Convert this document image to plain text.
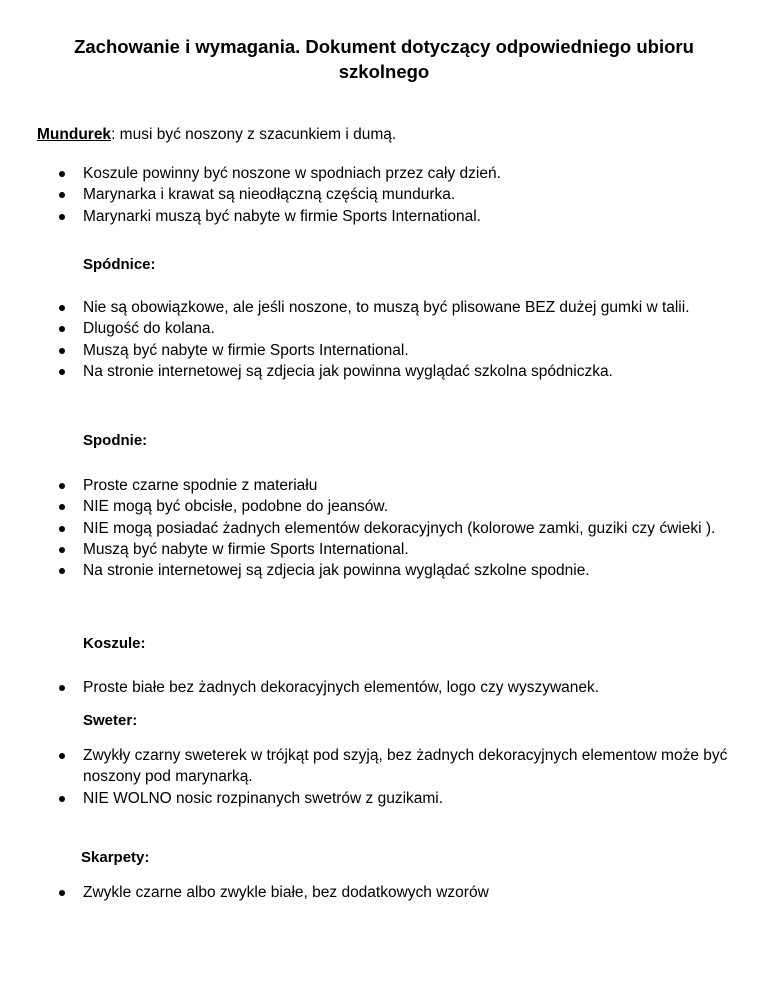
Zachowanie i wymagania. Dokument dotyczący odpowiedniego ubioru szkolnego
Mundurek: musi być noszony z szacunkiem i dumą.
Koszule powinny być noszone w spodniach przez cały dzień.
Marynarka i krawat są nieodłączną częścią mundurka.
Marynarki muszą być nabyte w firmie Sports International.
Spódnice:
Nie są obowiązkowe, ale jeśli noszone, to muszą być plisowane BEZ dużej gumki w talii.
Dlugość do kolana.
Muszą być nabyte w firmie Sports International.
Na stronie internetowej są zdjecia jak powinna wyglądać szkolna spódniczka.
Spodnie:
Proste czarne spodnie z materiału
NIE mogą być obcisłe, podobne do jeansów.
NIE mogą posiadać żadnych elementów dekoracyjnych (kolorowe zamki, guziki czy ćwieki ).
Muszą być nabyte w firmie Sports International.
Na stronie internetowej są zdjecia jak powinna wyglądać szkolne spodnie.
Koszule:
Proste białe bez żadnych dekoracyjnych elementów, logo czy wyszywanek.
Sweter:
Zwykły czarny sweterek w trójkąt pod szyją, bez żadnych dekoracyjnych elementow może być noszony pod marynarką.
NIE WOLNO nosic rozpinanych swetrów z guzikami.
Skarpety:
Zwykle czarne albo zwykle białe, bez dodatkowych wzorów
